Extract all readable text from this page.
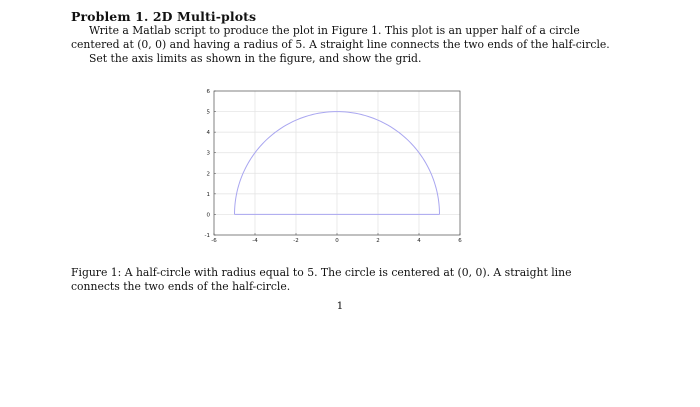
Problem 1. 2D Multi-plots

Write a Matlab script to produce the plot in Figure 1. This plot is an upper half of a circle centered at (0, 0) and having a radius of 5. A straight line connects the two ends of the half-circle.

Set the axis limits as shown in the figure, and show the grid.

-6	-4	-2	0	2	4	6
-1
0
1
2
3
4
5
6

Figure 1: A half-circle with radius equal to 5. The circle is centered at (0, 0). A straight line connects the two ends of the half-circle.

1
